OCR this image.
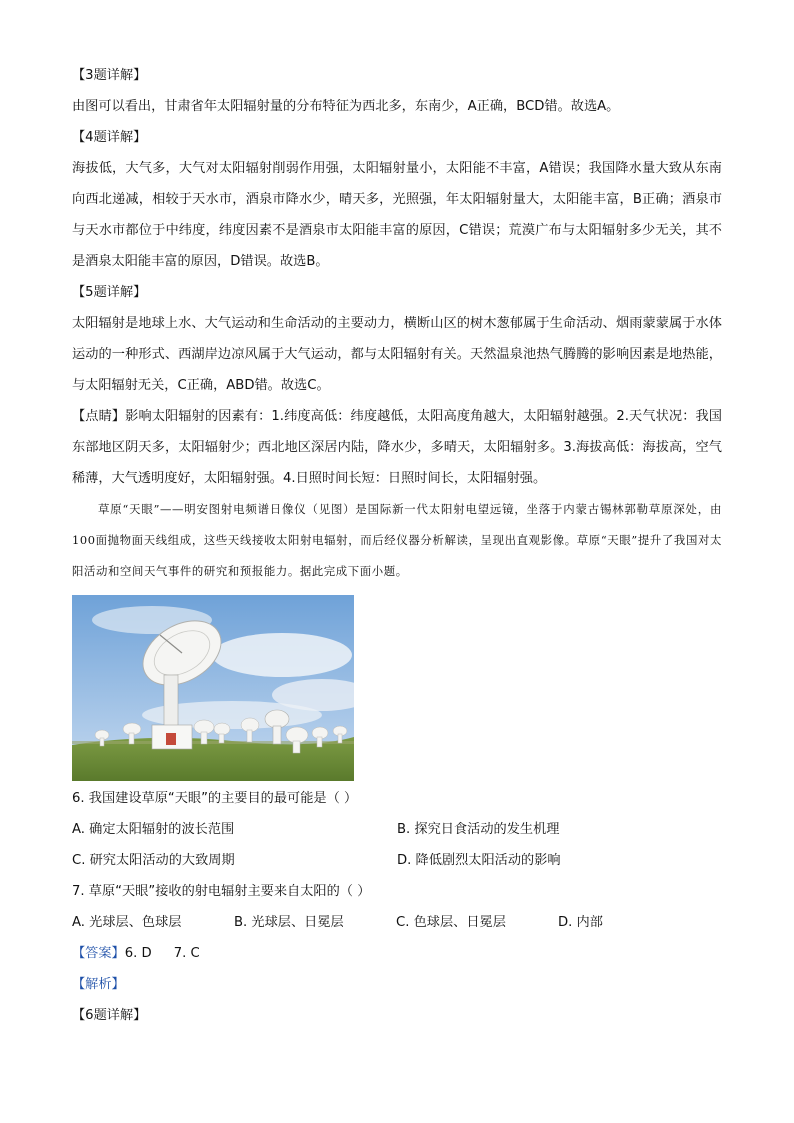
【3题详解】
由图可以看出，甘肃省年太阳辐射量的分布特征为西北多，东南少，A正确，BCD错。故选A。
【4题详解】
海拔低，大气多，大气对太阳辐射削弱作用强，太阳辐射量小，太阳能不丰富，A错误；我国降水量大致从东南向西北递减，相较于天水市，酒泉市降水少，晴天多，光照强，年太阳辐射量大，太阳能丰富，B正确；酒泉市与天水市都位于中纬度，纬度因素不是酒泉市太阳能丰富的原因，C错误；荒漠广布与太阳辐射多少无关，其不是酒泉太阳能丰富的原因，D错误。故选B。
【5题详解】
太阳辐射是地球上水、大气运动和生命活动的主要动力，横断山区的树木葱郁属于生命活动、烟雨蒙蒙属于水体运动的一种形式、西湖岸边凉风属于大气运动，都与太阳辐射有关。天然温泉池热气腾腾的影响因素是地热能，与太阳辐射无关，C正确，ABD错。故选C。
【点睛】影响太阳辐射的因素有：1.纬度高低：纬度越低，太阳高度角越大，太阳辐射越强。2.天气状况：我国东部地区阴天多，太阳辐射少；西北地区深居内陆，降水少，多晴天，太阳辐射多。3.海拔高低：海拔高，空气稀薄，大气透明度好，太阳辐射强。4.日照时间长短：日照时间长，太阳辐射强。
草原“天眼”——明安图射电频谱日像仪（见图）是国际新一代太阳射电望远镜，坐落于内蒙古锡林郭勒草原深处，由100面抛物面天线组成，这些天线接收太阳射电辐射，而后经仪器分析解读，呈现出直观影像。草原“天眼”提升了我国对太阳活动和空间天气事件的研究和预报能力。据此完成下面小题。
6. 我国建设草原“天眼”的主要目的最可能是（ ）
A. 确定太阳辐射的波长范围	B. 探究日食活动的发生机理
C. 研究太阳活动的大致周期	D. 降低剧烈太阳活动的影响
7. 草原“天眼”接收的射电辐射主要来自太阳的（ ）
A. 光球层、色球层	B. 光球层、日冕层	C. 色球层、日冕层	D. 内部
【答案】6. D 7. C
【解析】
【6题详解】
